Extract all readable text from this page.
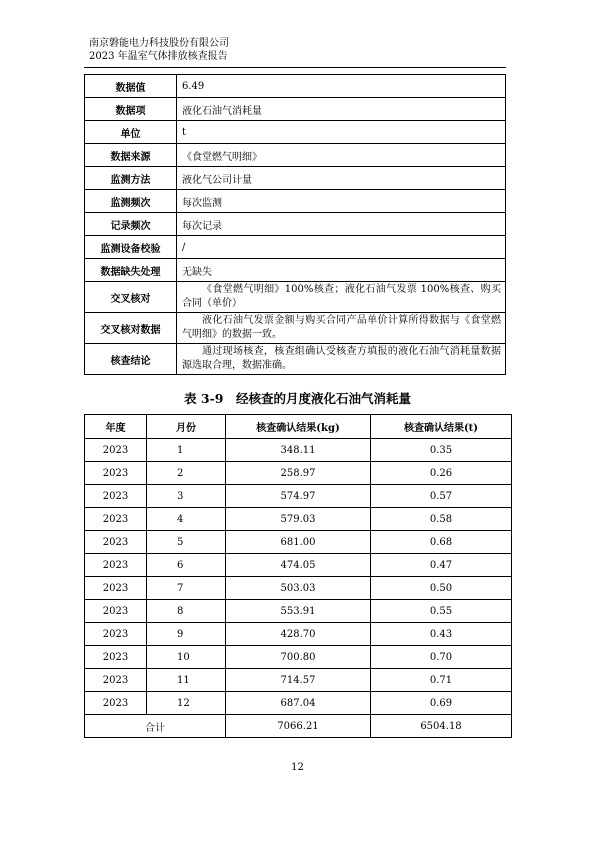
南京磐能电力科技股份有限公司
2023 年温室气体排放核查报告
数据值	6.49
数据项	液化石油气消耗量
单位	t
数据来源	《食堂燃气明细》
监测方法	液化气公司计量
监测频次	每次监测
记录频次	每次记录
监测设备校验	/
数据缺失处理	无缺失
交叉核对	《食堂燃气明细》100%核查；液化石油气发票 100%核查、购买合同（单价）
交叉核对数据	液化石油气发票金额与购买合同产品单价计算所得数据与《食堂燃气明细》的数据一致。
核查结论	通过现场核查，核查组确认受核查方填报的液化石油气消耗量数据源选取合理，数据准确。
表 3-9　经核查的月度液化石油气消耗量
年度	月份	核查确认结果(kg)	核查确认结果(t)
2023	1	348.11	0.35
2023	2	258.97	0.26
2023	3	574.97	0.57
2023	4	579.03	0.58
2023	5	681.00	0.68
2023	6	474.05	0.47
2023	7	503.03	0.50
2023	8	553.91	0.55
2023	9	428.70	0.43
2023	10	700.80	0.70
2023	11	714.57	0.71
2023	12	687.04	0.69
合计		7066.21	6504.18
12
